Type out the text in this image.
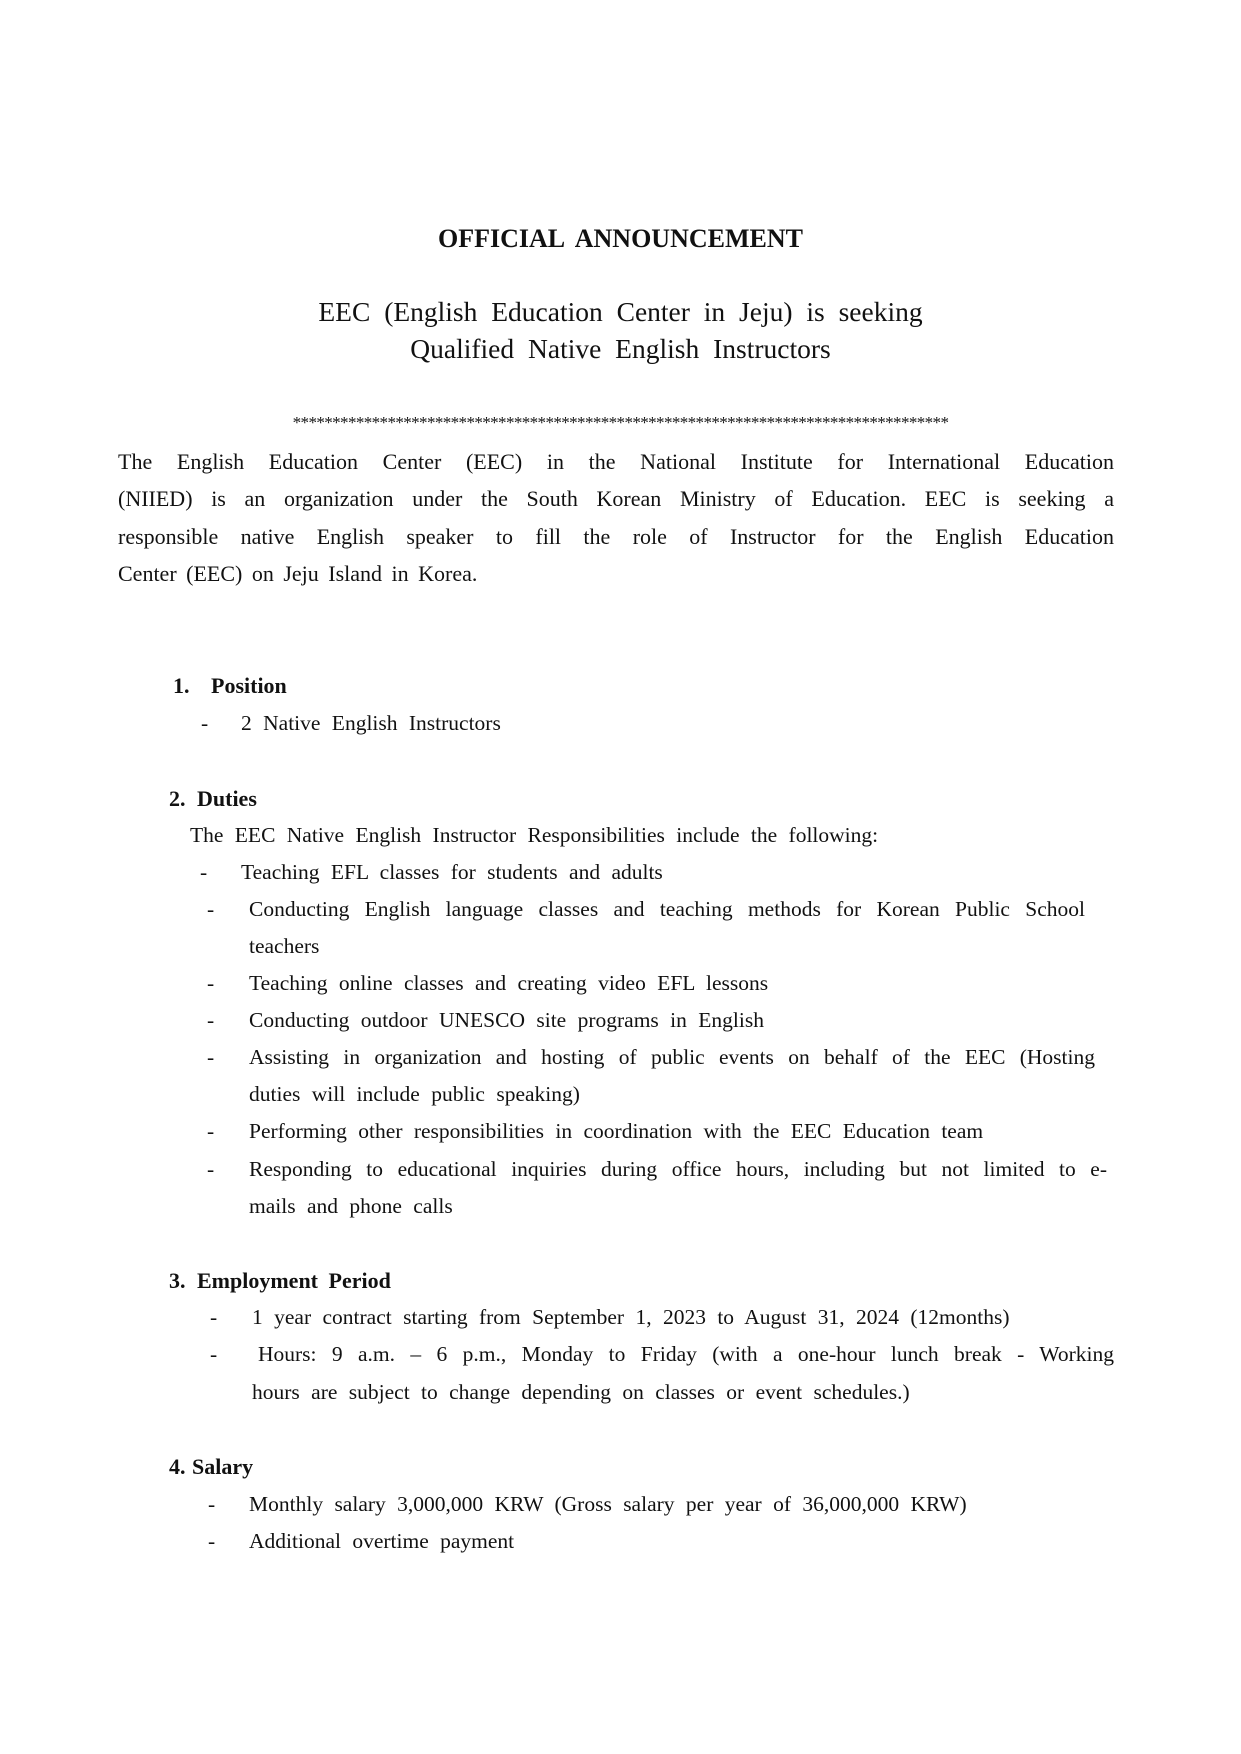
OFFICIAL ANNOUNCEMENT
EEC (English Education Center in Jeju) is seeking
Qualified Native English Instructors
***********************************************************************************
The English Education Center (EEC) in the National Institute for International Education
(NIIED) is an organization under the South Korean Ministry of Education. EEC is seeking a
responsible native English speaker to fill the role of Instructor for the English Education
Center (EEC) on Jeju Island in Korea.
1. Position
- 2 Native English Instructors
2. Duties
The EEC Native English Instructor Responsibilities include the following:
- Teaching EFL classes for students and adults
- Conducting English language classes and teaching methods for Korean Public School
teachers
- Teaching online classes and creating video EFL lessons
- Conducting outdoor UNESCO site programs in English
- Assisting in organization and hosting of public events on behalf of the EEC (Hosting
duties will include public speaking)
- Performing other responsibilities in coordination with the EEC Education team
- Responding to educational inquiries during office hours, including but not limited to e-
mails and phone calls
3. Employment Period
- 1 year contract starting from September 1, 2023 to August 31, 2024 (12months)
- Hours: 9 a.m. – 6 p.m., Monday to Friday (with a one-hour lunch break - Working
hours are subject to change depending on classes or event schedules.)
4. Salary
- Monthly salary 3,000,000 KRW (Gross salary per year of 36,000,000 KRW)
- Additional overtime payment
